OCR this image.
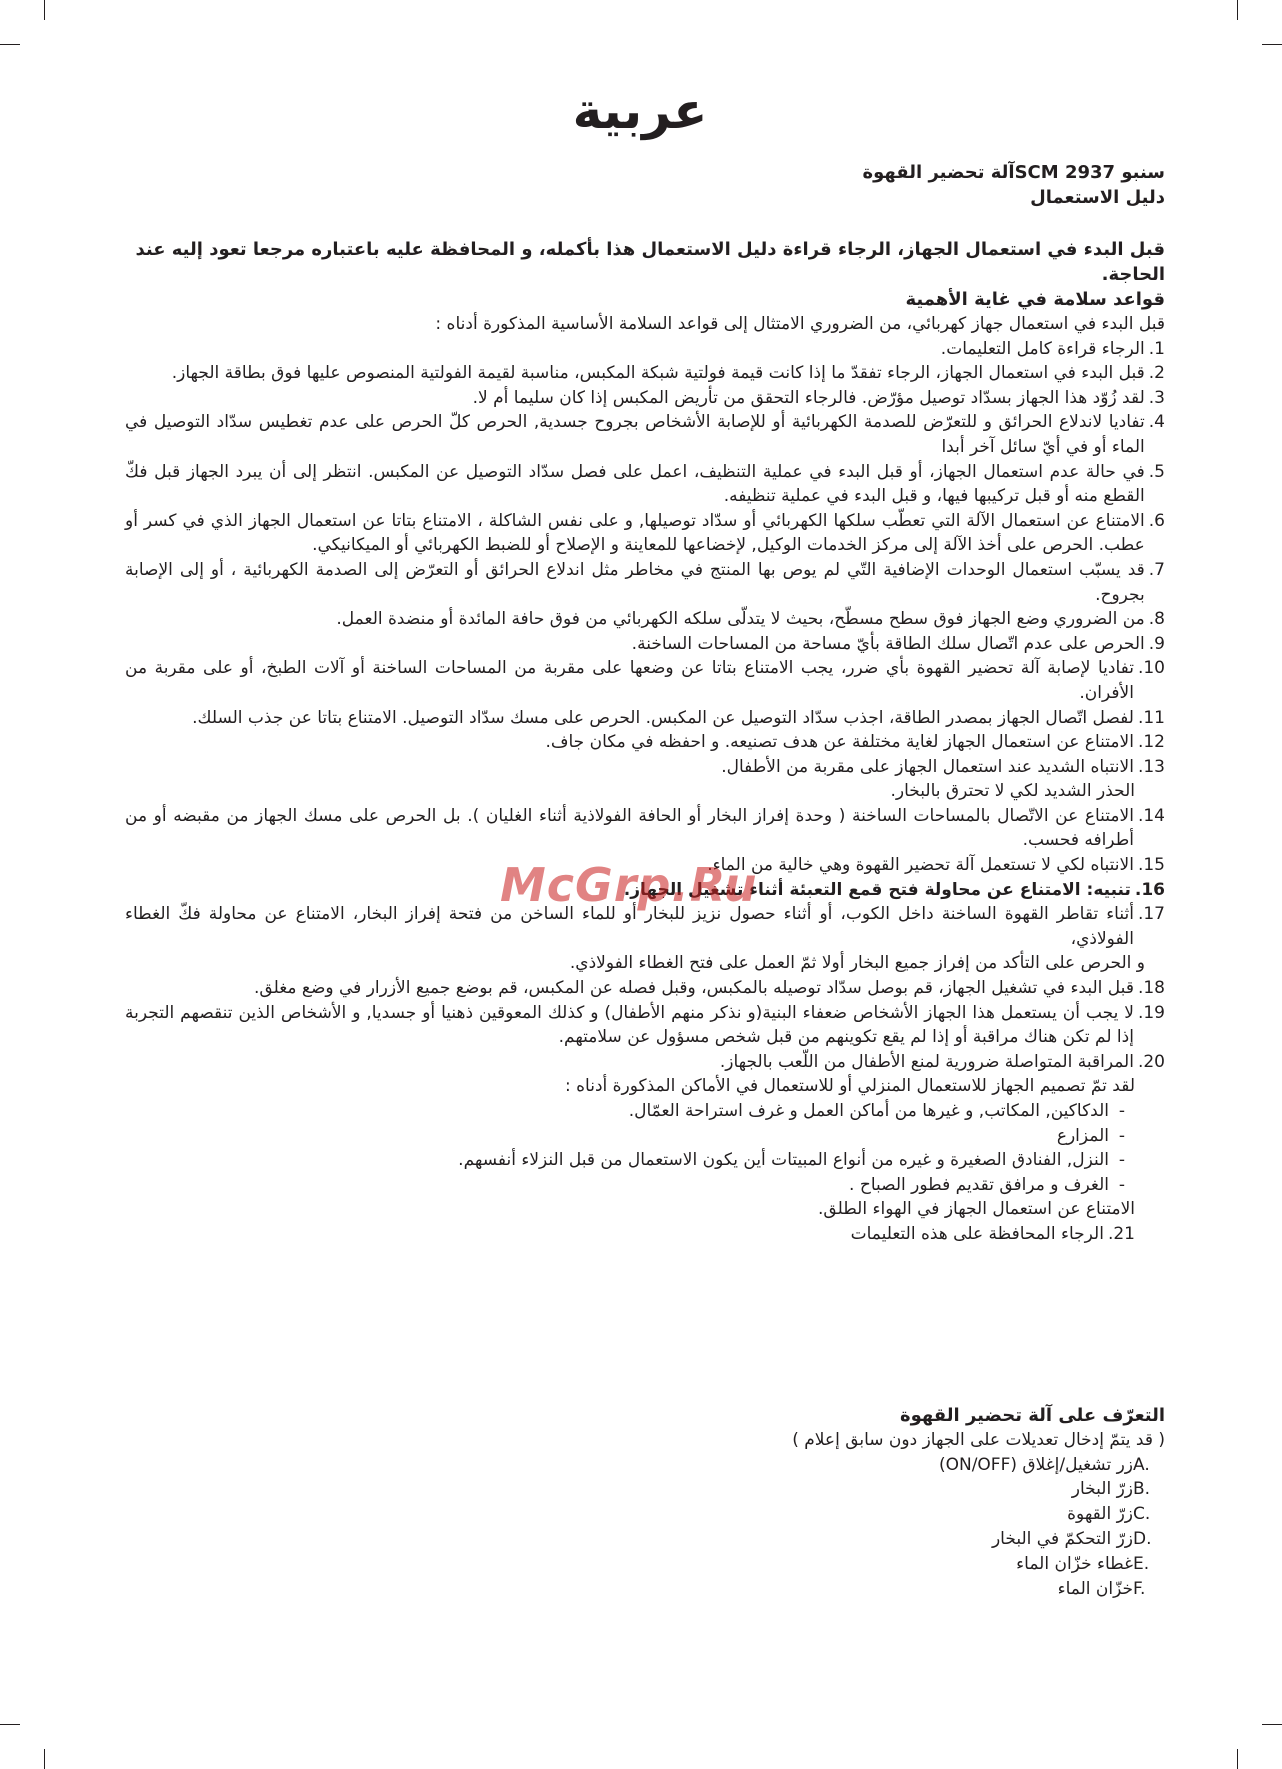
عربية

سنبو SCM 2937آلة تحضير القهوة

دليل الاستعمال

قبل البدء في استعمال الجهاز، الرجاء قراءة دليل الاستعمال هذا بأكمله، و المحافظة عليه باعتباره مرجعا تعود إليه عند الحاجة.

قواعد سلامة في غاية الأهمية

قبل البدء في استعمال جهاز كهربائي، من الضروري الامتثال إلى قواعد السلامة الأساسية المذكورة أدناه :

1.
الرجاء قراءة كامل التعليمات.
2.
قبل البدء في استعمال الجهاز، الرجاء تفقدّ ما إذا كانت قيمة فولتية شبكة المكبس، مناسبة لقيمة الفولتية المنصوص عليها فوق بطاقة الجهاز.
3.
لقد زُوّد هذا الجهاز بسدّاد توصيل مؤرّض. فالرجاء التحقق من تأريض المكبس إذا كان سليما أم لا.
4.
تفاديا لاندلاع الحرائق و للتعرّض للصدمة الكهربائية أو للإصابة الأشخاص بجروح جسدية, الحرص كلّ الحرص على عدم تغطيس سدّاد التوصيل في الماء أو في أيّ سائل آخر أبدا
5.
في حالة عدم استعمال الجهاز، أو قبل البدء في عملية التنظيف، اعمل على فصل سدّاد التوصيل عن المكبس. انتظر إلى أن يبرد الجهاز قبل فكّ القطع منه أو قبل تركيبها فيها، و قبل البدء في عملية تنظيفه.
6.
الامتناع عن استعمال الآلة التي تعطّب سلكها الكهربائي أو سدّاد توصيلها, و على نفس الشاكلة ، الامتناع بتاتا عن استعمال الجهاز الذي في كسر أو عطب. الحرص على أخذ الآلة إلى مركز الخدمات الوكيل, لإخضاعها للمعاينة و الإصلاح أو للضبط الكهربائي أو الميكانيكي.
7.
قد يسبّب استعمال الوحدات الإضافية التّي لم يوص بها المنتج في مخاطر مثل اندلاع الحرائق أو التعرّض إلى الصدمة الكهربائية ، أو إلى الإصابة بجروح.
8.
من الضروري وضع الجهاز فوق سطح مسطّح، بحيث لا يتدلّى سلكه الكهربائي من فوق حافة المائدة أو منضدة العمل.
9.
الحرص على عدم اتّصال سلك الطاقة بأيّ مساحة من المساحات الساخنة.
10.
تفاديا لإصابة آلة تحضير القهوة بأي ضرر، يجب الامتناع بتاتا عن وضعها على مقربة من المساحات الساخنة أو آلات الطبخ، أو على مقربة من الأفران.
11.
لفصل اتّصال الجهاز بمصدر الطاقة، اجذب سدّاد التوصيل عن المكبس. الحرص على مسك سدّاد التوصيل. الامتناع بتاتا عن جذب السلك.
12.
الامتناع عن استعمال الجهاز لغاية مختلفة عن هدف تصنيعه. و احفظه في مكان جاف.
13.
الانتباه الشديد عند استعمال الجهاز على مقربة من الأطفال.

الحذر الشديد لكي لا تحترق بالبخار.

14.
الامتناع عن الاتّصال بالمساحات الساخنة ( وحدة إفراز البخار أو الحافة الفولاذية أثناء الغليان ). بل الحرص على مسك الجهاز من مقبضه أو من أطرافه فحسب.
15.
الانتباه لكي لا تستعمل آلة تحضير القهوة وهي خالية من الماء.
16.
تنبيه: الامتناع عن محاولة فتح قمع التعبئة أثناء تشغيل الجهاز.
17.
أثناء تقاطر القهوة الساخنة داخل الكوب، أو أثناء حصول نزيز للبخار أو للماء الساخن من فتحة إفراز البخار، الامتناع عن محاولة فكّ الغطاء الفولاذي،

و الحرص على التأكد من إفراز جميع البخار أولا ثمّ العمل على فتح الغطاء الفولاذي.

18.
قبل البدء في تشغيل الجهاز، قم بوصل سدّاد توصيله بالمكبس، وقبل فصله عن المكبس، قم بوضع جميع الأزرار في وضع مغلق.
19.
لا يجب أن يستعمل هذا الجهاز الأشخاص ضعفاء البنية(و نذكر منهم الأطفال) و كذلك المعوقين ذهنيا أو جسديا, و الأشخاص الذين تنقصهم التجربة إذا لم تكن هناك مراقبة أو إذا لم يقع تكوينهم من قبل شخص مسؤول عن سلامتهم.
20.
المراقبة المتواصلة ضرورية لمنع الأطفال من اللّعب بالجهاز.

لقد تمّ تصميم الجهاز للاستعمال المنزلي أو للاستعمال في الأماكن المذكورة أدناه :

-
الدكاكين, المكاتب, و غيرها من أماكن العمل و غرف استراحة العمّال.
-
المزارع
-
النزل, الفنادق الصغيرة و غيره من أنواع المبيتات أين يكون الاستعمال من قبل النزلاء أنفسهم.
-
الغرف و مرافق تقديم فطور الصباح .

الامتناع عن استعمال الجهاز في الهواء الطلق.

21.
الرجاء المحافظة على هذه التعليمات

التعرّف على آلة تحضير القهوة

( قد يتمّ إدخال تعديلات على الجهاز دون سابق إعلام )

A.
زر تشغيل/إغلاق (ON/OFF)
B.
زرّ البخار
C.
زرّ القهوة
D.
زرّ التحكمّ في البخار
E.
غطاء خزّان الماء
F.
خزّان الماء
McGrp.Ru
